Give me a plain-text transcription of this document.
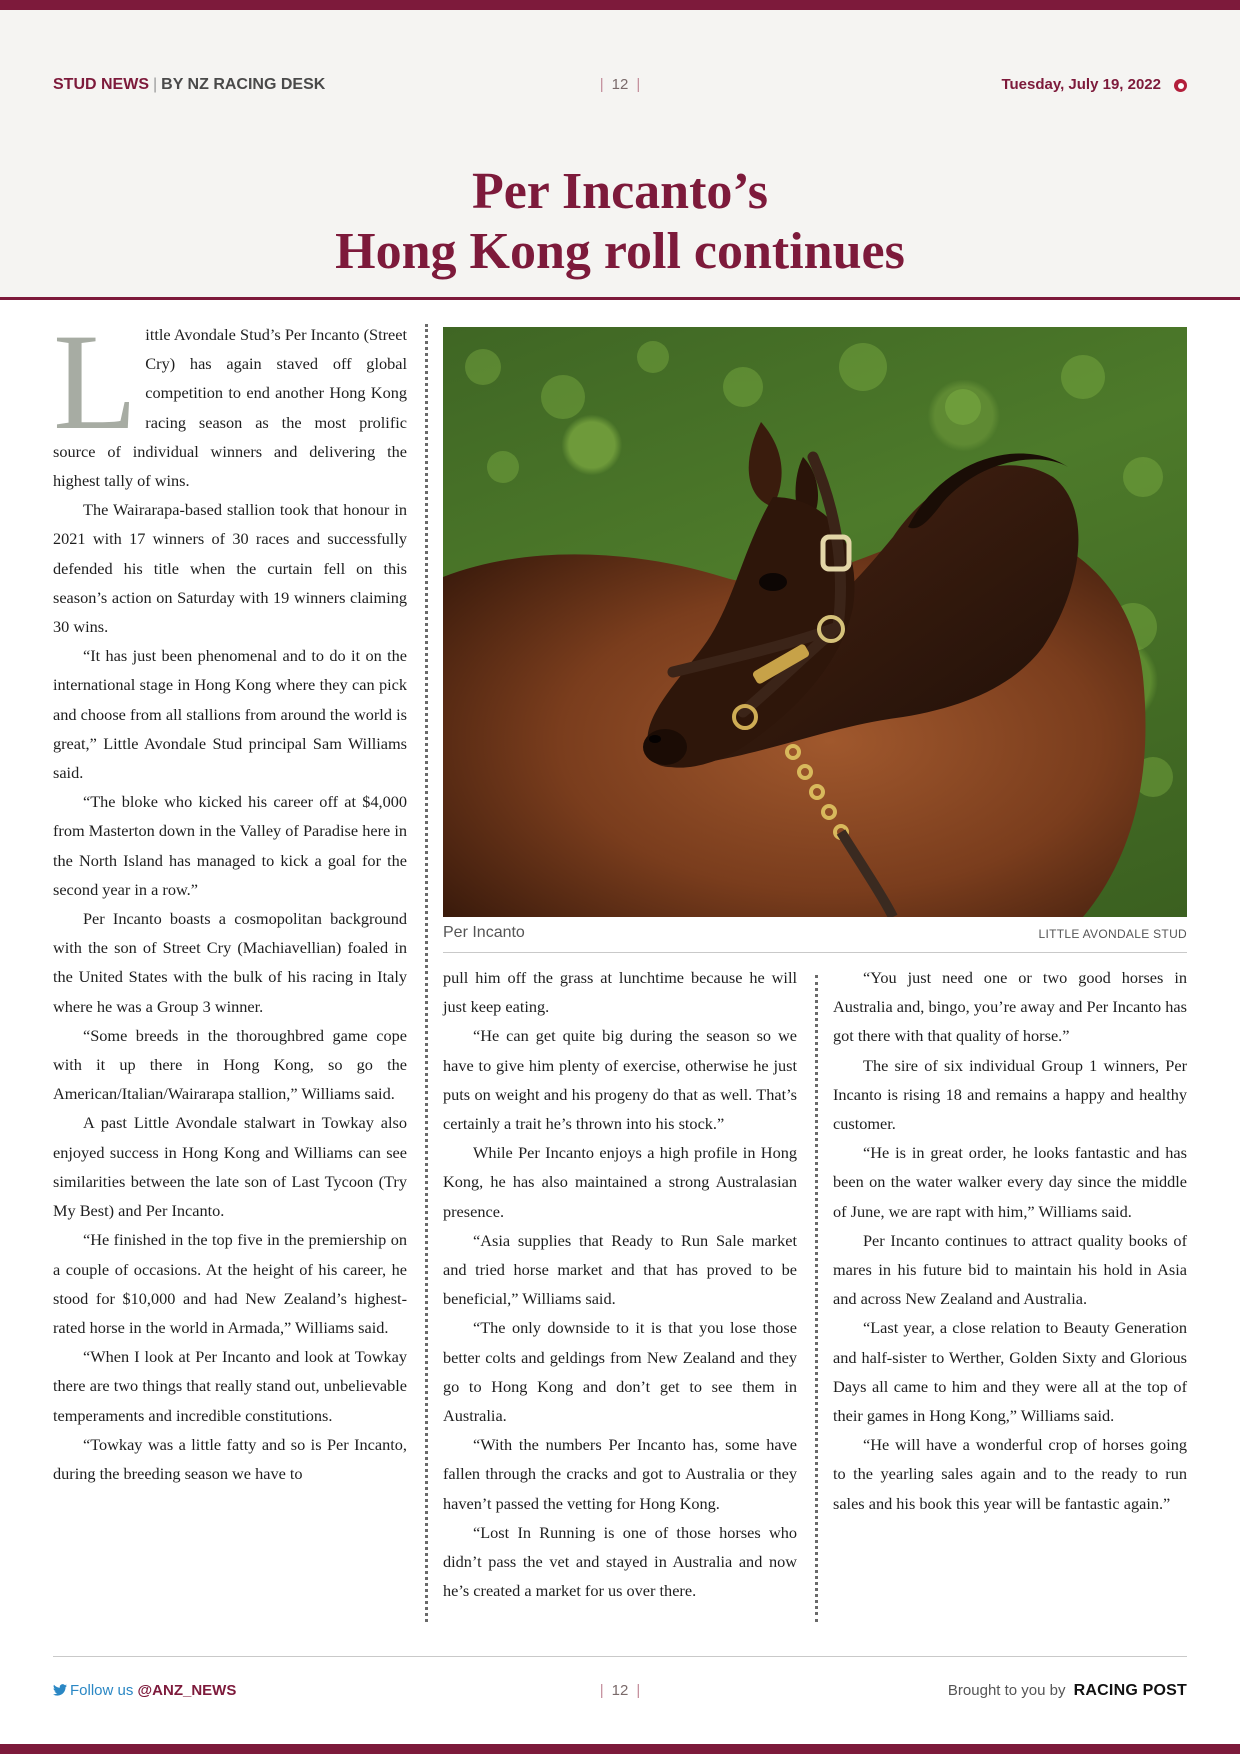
STUD NEWS | BY NZ RACING DESK	| 12 |	Tuesday, July 19, 2022
Per Incanto’s
Hong Kong roll continues

Little Avondale Stud’s Per Incanto (Street Cry) has again staved off global competition to end another Hong Kong racing season as the most prolific source of individual winners and delivering the highest tally of wins.

The Wairarapa-based stallion took that honour in 2021 with 17 winners of 30 races and successfully defended his title when the curtain fell on this season’s action on Saturday with 19 winners claiming 30 wins.

“It has just been phenomenal and to do it on the international stage in Hong Kong where they can pick and choose from all stallions from around the world is great,” Little Avondale Stud principal Sam Williams said.

“The bloke who kicked his career off at $4,000 from Masterton down in the Valley of Paradise here in the North Island has managed to kick a goal for the second year in a row.”

Per Incanto boasts a cosmopolitan background with the son of Street Cry (Machiavellian) foaled in the United States with the bulk of his racing in Italy where he was a Group 3 winner.

“Some breeds in the thoroughbred game cope with it up there in Hong Kong, so go the American/Italian/Wairarapa stallion,” Williams said.

A past Little Avondale stalwart in Towkay also enjoyed success in Hong Kong and Williams can see similarities between the late son of Last Tycoon (Try My Best) and Per Incanto.

“He finished in the top five in the premiership on a couple of occasions. At the height of his career, he stood for $10,000 and had New Zealand’s highest-rated horse in the world in Armada,” Williams said.

“When I look at Per Incanto and look at Towkay there are two things that really stand out, unbelievable temperaments and incredible constitutions.

“Towkay was a little fatty and so is Per Incanto, during the breeding season we have to

Per Incanto	LITTLE AVONDALE STUD

pull him off the grass at lunchtime because he will just keep eating.

“He can get quite big during the season so we have to give him plenty of exercise, otherwise he just puts on weight and his progeny do that as well. That’s certainly a trait he’s thrown into his stock.”

While Per Incanto enjoys a high profile in Hong Kong, he has also maintained a strong Australasian presence.

“Asia supplies that Ready to Run Sale market and tried horse market and that has proved to be beneficial,” Williams said.

“The only downside to it is that you lose those better colts and geldings from New Zealand and they go to Hong Kong and don’t get to see them in Australia.

“With the numbers Per Incanto has, some have fallen through the cracks and got to Australia or they haven’t passed the vetting for Hong Kong.

“Lost In Running is one of those horses who didn’t pass the vet and stayed in Australia and now he’s created a market for us over there.

“You just need one or two good horses in Australia and, bingo, you’re away and Per Incanto has got there with that quality of horse.”

The sire of six individual Group 1 winners, Per Incanto is rising 18 and remains a happy and healthy customer.

“He is in great order, he looks fantastic and has been on the water walker every day since the middle of June, we are rapt with him,” Williams said.

Per Incanto continues to attract quality books of mares in his future bid to maintain his hold in Asia and across New Zealand and Australia.

“Last year, a close relation to Beauty Generation and half-sister to Werther, Golden Sixty and Glorious Days all came to him and they were all at the top of their games in Hong Kong,” Williams said.

“He will have a wonderful crop of horses going to the yearling sales again and to the ready to run sales and his book this year will be fantastic again.”

Follow us @ANZ_NEWS	| 12 |	Brought to you by RACING POST
